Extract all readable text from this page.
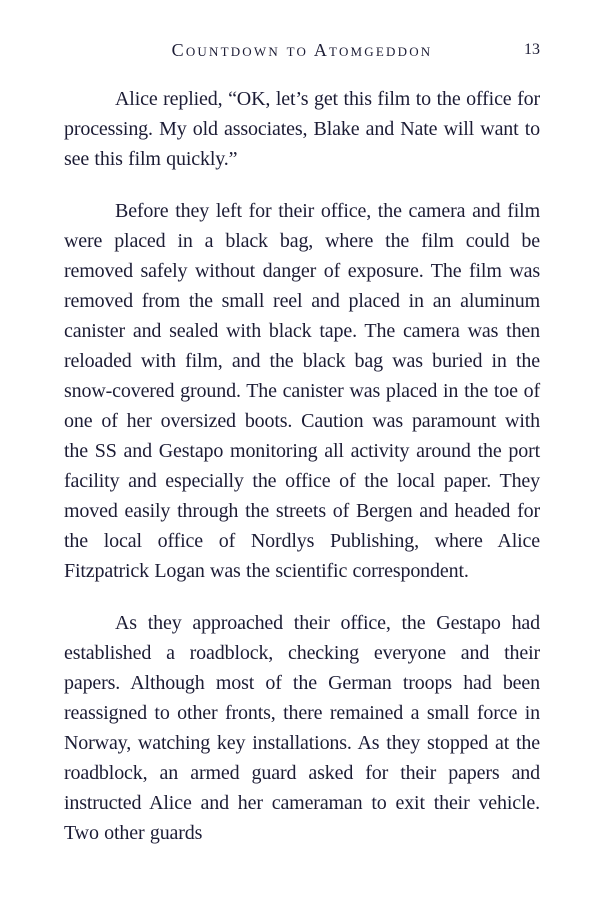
Countdown to Atomgeddon	13

Alice replied, “OK, let’s get this film to the office for processing. My old associates, Blake and Nate will want to see this film quickly.”

Before they left for their office, the camera and film were placed in a black bag, where the film could be removed safely without danger of exposure. The film was removed from the small reel and placed in an aluminum canister and sealed with black tape. The camera was then reloaded with film, and the black bag was buried in the snow-covered ground. The canister was placed in the toe of one of her oversized boots. Caution was paramount with the SS and Gestapo monitoring all activity around the port facility and especially the office of the local paper. They moved easily through the streets of Bergen and headed for the local office of Nordlys Publishing, where Alice Fitzpatrick Logan was the scientific correspondent.

As they approached their office, the Gestapo had established a roadblock, checking everyone and their papers. Although most of the German troops had been reassigned to other fronts, there remained a small force in Norway, watching key installations. As they stopped at the roadblock, an armed guard asked for their papers and instructed Alice and her cameraman to exit their vehicle. Two other guards
